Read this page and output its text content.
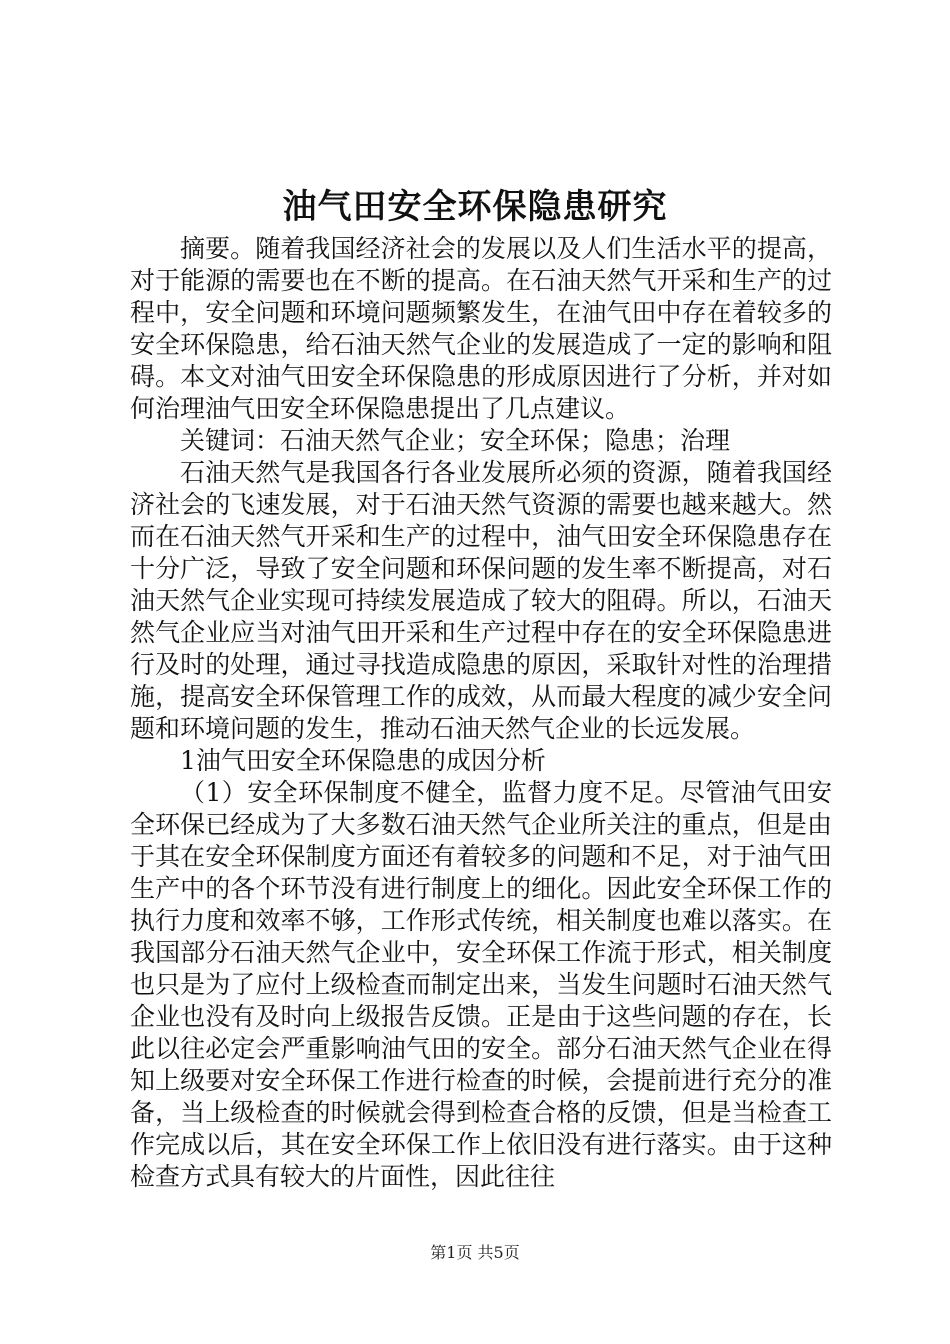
油气田安全环保隐患研究

摘要。随着我国经济社会的发展以及人们生活水平的提高，对于能源的需要也在不断的提高。在石油天然气开采和生产的过程中，安全问题和环境问题频繁发生，在油气田中存在着较多的安全环保隐患，给石油天然气企业的发展造成了一定的影响和阻碍。本文对油气田安全环保隐患的形成原因进行了分析，并对如何治理油气田安全环保隐患提出了几点建议。

关键词：石油天然气企业；安全环保；隐患；治理

石油天然气是我国各行各业发展所必须的资源，随着我国经济社会的飞速发展，对于石油天然气资源的需要也越来越大。然而在石油天然气开采和生产的过程中，油气田安全环保隐患存在十分广泛，导致了安全问题和环保问题的发生率不断提高，对石油天然气企业实现可持续发展造成了较大的阻碍。所以，石油天然气企业应当对油气田开采和生产过程中存在的安全环保隐患进行及时的处理，通过寻找造成隐患的原因，采取针对性的治理措施，提高安全环保管理工作的成效，从而最大程度的减少安全问题和环境问题的发生，推动石油天然气企业的长远发展。

1油气田安全环保隐患的成因分析

（1）安全环保制度不健全，监督力度不足。尽管油气田安全环保已经成为了大多数石油天然气企业所关注的重点，但是由于其在安全环保制度方面还有着较多的问题和不足，对于油气田生产中的各个环节没有进行制度上的细化。因此安全环保工作的执行力度和效率不够，工作形式传统，相关制度也难以落实。在我国部分石油天然气企业中，安全环保工作流于形式，相关制度也只是为了应付上级检查而制定出来，当发生问题时石油天然气企业也没有及时向上级报告反馈。正是由于这些问题的存在，长此以往必定会严重影响油气田的安全。部分石油天然气企业在得知上级要对安全环保工作进行检查的时候，会提前进行充分的准备，当上级检查的时候就会得到检查合格的反馈，但是当检查工作完成以后，其在安全环保工作上依旧没有进行落实。由于这种检查方式具有较大的片面性，因此往往

第1页 共5页
